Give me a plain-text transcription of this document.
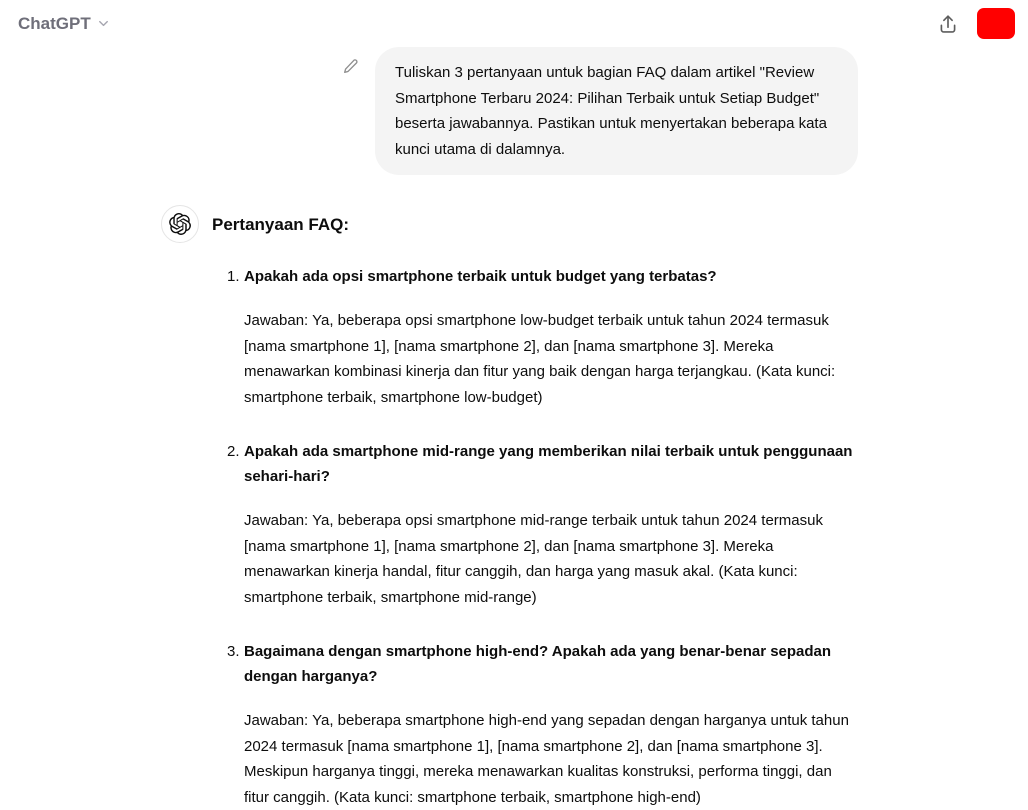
ChatGPT
Tuliskan 3 pertanyaan untuk bagian FAQ dalam artikel "Review Smartphone Terbaru 2024: Pilihan Terbaik untuk Setiap Budget" beserta jawabannya. Pastikan untuk menyertakan beberapa kata kunci utama di dalamnya.
Pertanyaan FAQ:
1. Apakah ada opsi smartphone terbaik untuk budget yang terbatas?
Jawaban: Ya, beberapa opsi smartphone low-budget terbaik untuk tahun 2024 termasuk [nama smartphone 1], [nama smartphone 2], dan [nama smartphone 3]. Mereka menawarkan kombinasi kinerja dan fitur yang baik dengan harga terjangkau. (Kata kunci: smartphone terbaik, smartphone low-budget)
2. Apakah ada smartphone mid-range yang memberikan nilai terbaik untuk penggunaan sehari-hari?
Jawaban: Ya, beberapa opsi smartphone mid-range terbaik untuk tahun 2024 termasuk [nama smartphone 1], [nama smartphone 2], dan [nama smartphone 3]. Mereka menawarkan kinerja handal, fitur canggih, dan harga yang masuk akal. (Kata kunci: smartphone terbaik, smartphone mid-range)
3. Bagaimana dengan smartphone high-end? Apakah ada yang benar-benar sepadan dengan harganya?
Jawaban: Ya, beberapa smartphone high-end yang sepadan dengan harganya untuk tahun 2024 termasuk [nama smartphone 1], [nama smartphone 2], dan [nama smartphone 3]. Meskipun harganya tinggi, mereka menawarkan kualitas konstruksi, performa tinggi, dan fitur canggih. (Kata kunci: smartphone terbaik, smartphone high-end)
